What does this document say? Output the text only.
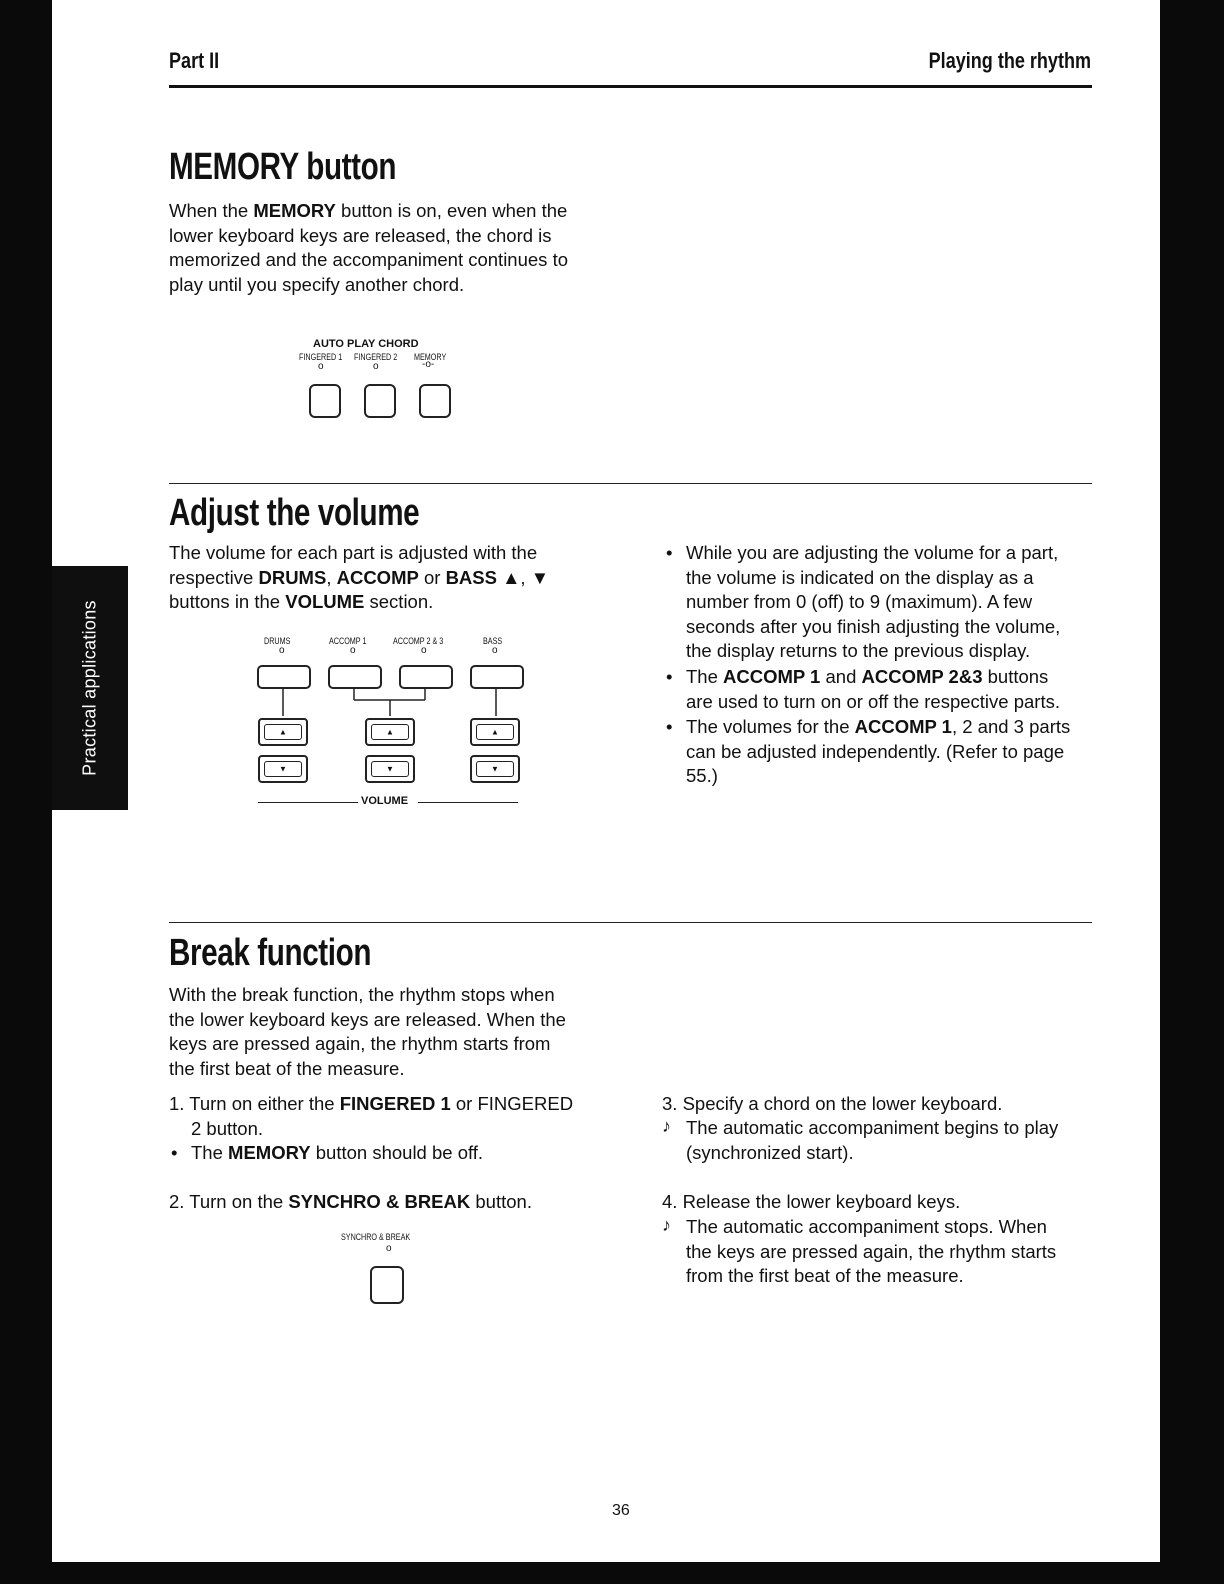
Practical applications
Part II	Playing the rhythm
MEMORY button
When the MEMORY button is on, even when the
lower keyboard keys are released, the chord is
memorized and the accompaniment continues to
play until you specify another chord.
AUTO PLAY CHORD
FINGERED 1 FINGERED 2 MEMORY
o	o	-o-
Adjust the volume
The volume for each part is adjusted with the
respective DRUMS, ACCOMP or BASS ▲, ▼
buttons in the VOLUME section.
DRUMS	ACCOMP 1	ACCOMP 2 & 3	BASS
o	o	o	o
▲	▲	▲
▼	▼	▼
VOLUME
• While you are adjusting the volume for a part,
the volume is indicated on the display as a
number from 0 (off) to 9 (maximum). A few
seconds after you finish adjusting the volume,
the display returns to the previous display.
• The ACCOMP 1 and ACCOMP 2&3 buttons
are used to turn on or off the respective parts.
• The volumes for the ACCOMP 1, 2 and 3 parts
can be adjusted independently. (Refer to page
55.)
Break function
With the break function, the rhythm stops when
the lower keyboard keys are released. When the
keys are pressed again, the rhythm starts from
the first beat of the measure.
1. Turn on either the FINGERED 1 or FINGERED
2 button.
• The MEMORY button should be off.
2. Turn on the SYNCHRO & BREAK button.
SYNCHRO & BREAK
o
3. Specify a chord on the lower keyboard.
♪ The automatic accompaniment begins to play
(synchronized start).
4. Release the lower keyboard keys.
♪ The automatic accompaniment stops. When
the keys are pressed again, the rhythm starts
from the first beat of the measure.
36
